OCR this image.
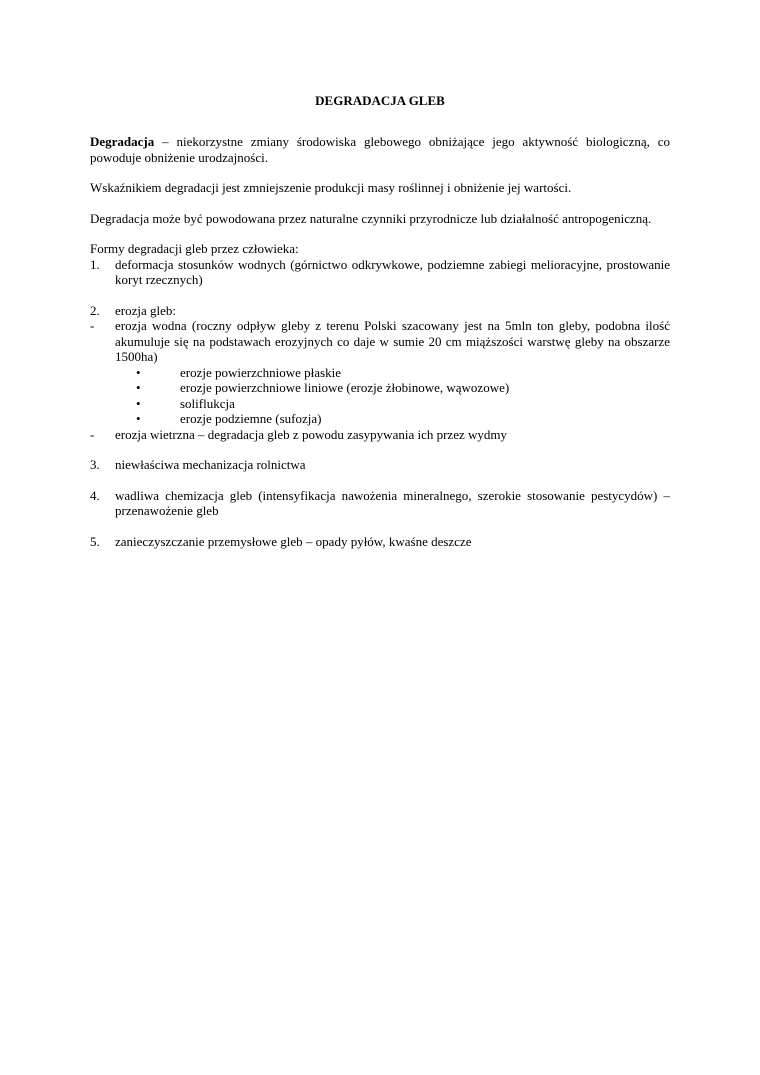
DEGRADACJA GLEB

Degradacja – niekorzystne zmiany środowiska glebowego obniżające jego aktywność biologiczną, co powoduje obniżenie urodzajności.

Wskaźnikiem degradacji jest zmniejszenie produkcji masy roślinnej i obniżenie jej wartości.

Degradacja może być powodowana przez naturalne czynniki przyrodnicze lub działalność antropogeniczną.

Formy degradacji gleb przez człowieka:

1. deformacja stosunków wodnych (górnictwo odkrywkowe, podziemne zabiegi melioracyjne, prostowanie koryt rzecznych)
2. erozja gleb:
- erozja wodna (roczny odpływ gleby z terenu Polski szacowany jest na 5mln ton gleby, podobna ilość akumuluje się na podstawach erozyjnych co daje w sumie 20 cm miąższości warstwę gleby na obszarze 1500ha)
•	erozje powierzchniowe płaskie
•	erozje powierzchniowe liniowe (erozje żłobinowe, wąwozowe)
•	soliflukcja
•	erozje podziemne (sufozja)
- erozja wietrzna – degradacja gleb z powodu zasypywania ich przez wydmy
3. niewłaściwa mechanizacja rolnictwa
4. wadliwa chemizacja gleb (intensyfikacja nawożenia mineralnego, szerokie stosowanie pestycydów) – przenawożenie gleb
5. zanieczyszczanie przemysłowe gleb – opady pyłów, kwaśne deszcze
